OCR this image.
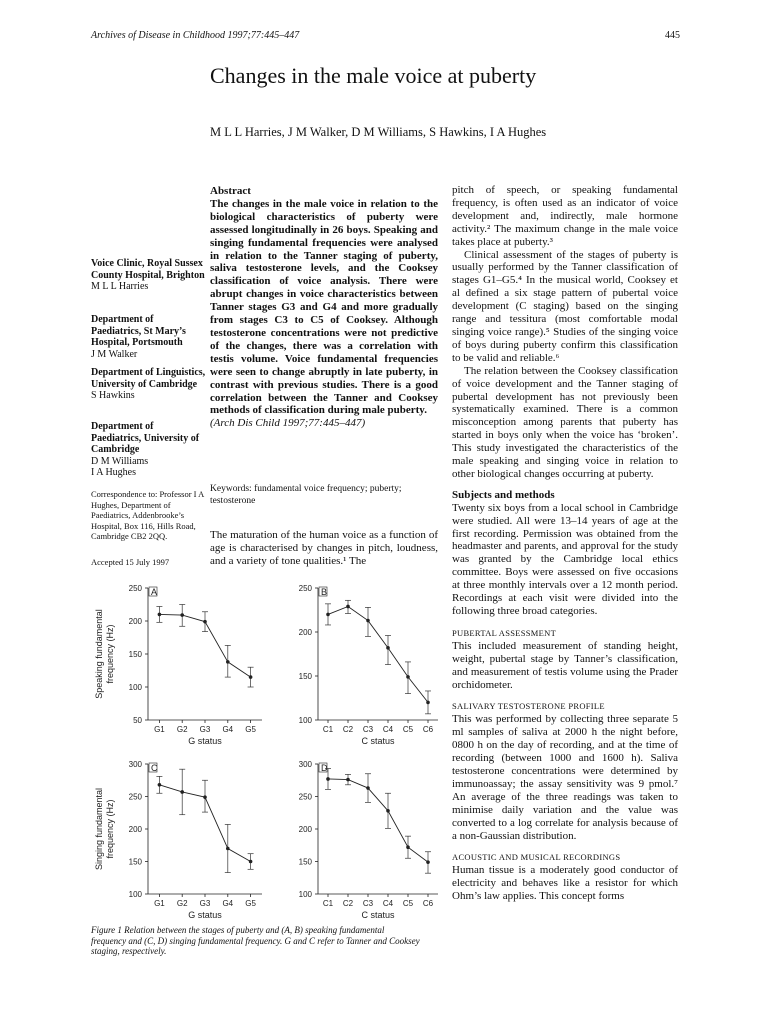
Archives of Disease in Childhood 1997;77:445–447	445
Changes in the male voice at puberty
M L L Harries, J M Walker, D M Williams, S Hawkins, I A Hughes
Voice Clinic, Royal Sussex County Hospital, Brighton
M L L Harries
Department of Paediatrics, St Mary’s Hospital, Portsmouth
J M Walker
Department of Linguistics, University of Cambridge
S Hawkins
Department of Paediatrics, University of Cambridge
D M Williams
I A Hughes
Correspondence to: Professor I A Hughes, Department of Paediatrics, Addenbrooke’s Hospital, Box 116, Hills Road, Cambridge CB2 2QQ.
Accepted 15 July 1997
Abstract
The changes in the male voice in relation to the biological characteristics of puberty were assessed longitudinally in 26 boys. Speaking and singing fundamental frequencies were analysed in relation to the Tanner staging of puberty, saliva testosterone levels, and the Cooksey classification of voice analysis. There were abrupt changes in voice characteristics between Tanner stages G3 and G4 and more gradually from stages C3 to C5 of Cooksey. Although testosterone concentrations were not predictive of the changes, there was a correlation with testis volume. Voice fundamental frequencies were seen to change abruptly in late puberty, in contrast with previous studies. There is a good correlation between the Tanner and Cooksey methods of classification during male puberty.
(Arch Dis Child 1997;77:445–447)
Keywords: fundamental voice frequency; puberty; testosterone
The maturation of the human voice as a function of age is characterised by changes in pitch, loudness, and a variety of tone qualities.¹ The

pitch of speech, or speaking fundamental frequency, is often used as an indicator of voice development and, indirectly, male hormone activity.² The maximum change in the male voice takes place at puberty.³

Clinical assessment of the stages of puberty is usually performed by the Tanner classification of stages G1–G5.⁴ In the musical world, Cooksey et al defined a six stage pattern of pubertal voice development (C staging) based on the singing range and tessitura (most comfortable modal singing voice range).⁵ Studies of the singing voice of boys during puberty confirm this classification to be valid and reliable.⁶

The relation between the Cooksey classification of voice development and the Tanner staging of pubertal development has not previously been systematically examined. There is a common misconception among parents that puberty has started in boys only when the voice has ‘broken’. This study investigated the characteristics of the male speaking and singing voice in relation to other biological changes occurring at puberty.

Subjects and methods

Twenty six boys from a local school in Cambridge were studied. All were 13–14 years of age at the first recording. Permission was obtained from the headmaster and parents, and approval for the study was granted by the Cambridge local ethics committee. Boys were assessed on five occasions at three monthly intervals over a 12 month period. Recordings at each visit were divided into the following three broad categories.

PUBERTAL ASSESSMENT

This included measurement of standing height, weight, pubertal stage by Tanner’s classification, and measurement of testis volume using the Prader orchidometer.

SALIVARY TESTOSTERONE PROFILE

This was performed by collecting three separate 5 ml samples of saliva at 2000 h the night before, 0800 h on the day of recording, and at the time of recording (between 1000 and 1600 h). Saliva testosterone concentrations were determined by immunoassay; the assay sensitivity was 9 pmol.⁷ An average of the three readings was taken to minimise daily variation and the value was converted to a log correlate for analysis because of a non-Gaussian distribution.

ACOUSTIC AND MUSICAL RECORDINGS

Human tissue is a moderately good conductor of electricity and behaves like a resistor for which Ohm’s law applies. This concept forms

50
100
150
200
250
G1 G2 G3 G4 G5
G status
A
100
150
200
250
C1 C2 C3 C4 C5 C6
C status
B
100
150
200
250
300
G1 G2 G3 G4 G5
G status
C
100
150
200
250
300
C1 C2 C3 C4 C5 C6
C status
D
Speaking fundamentalfrequency (Hz)
Singing fundamentalfrequency (Hz)
Figure 1 Relation between the stages of puberty and (A, B) speaking fundamental frequency and (C, D) singing fundamental frequency. G and C refer to Tanner and Cooksey staging, respectively.
